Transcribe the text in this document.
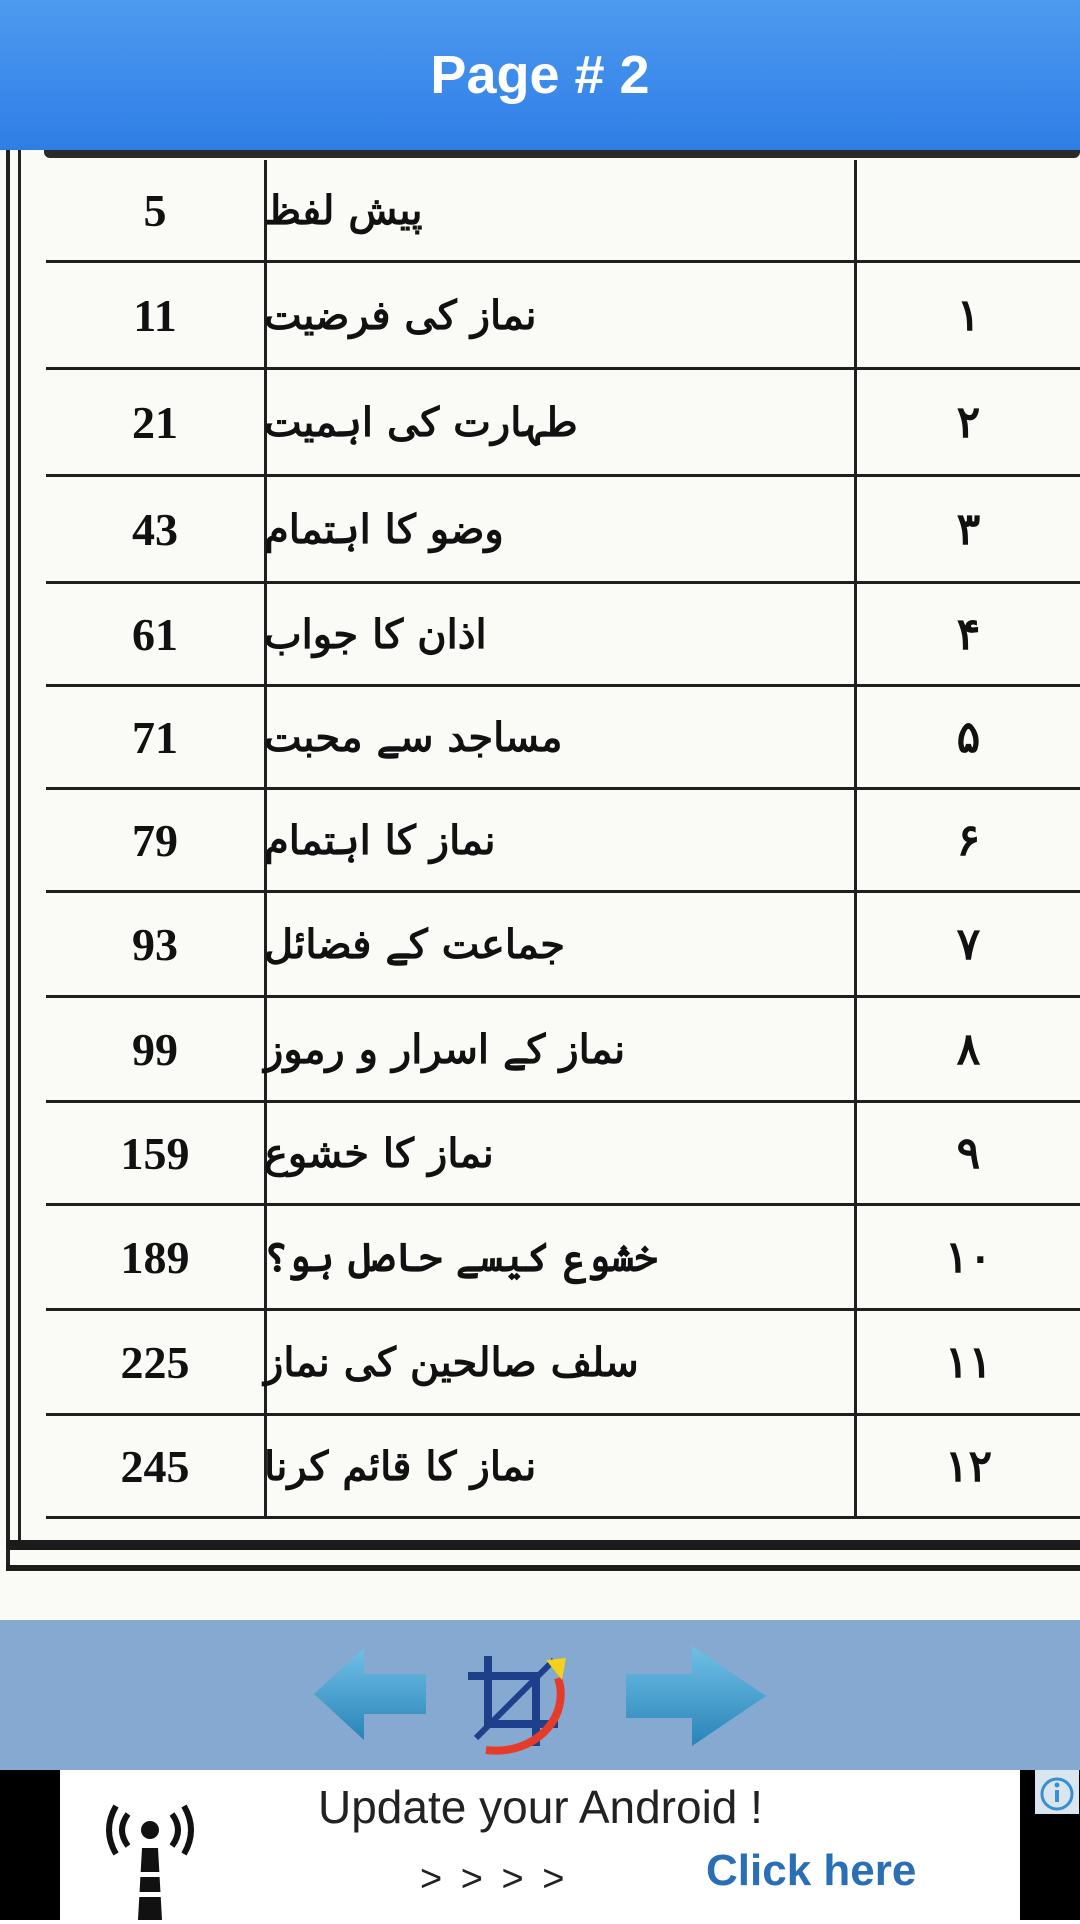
Page # 2
5	پیش لفظ
11	نماز کی فرضیت	۱
21	طہارت کی اہمیت	۲
43	وضو کا اہتمام	۳
61	اذان کا جواب	۴
71	مساجد سے محبت	۵
79	نماز کا اہتمام	۶
93	جماعت کے فضائل	۷
99	نماز کے اسرار و رموز	۸
159	نماز کا خشوع	۹
189	خشوع کیسے حاصل ہو؟	۱۰
225	سلف صالحین کی نماز	۱۱
245	نماز کا قائم کرنا	۱۲
Update your Android !
> > > >	Click here
